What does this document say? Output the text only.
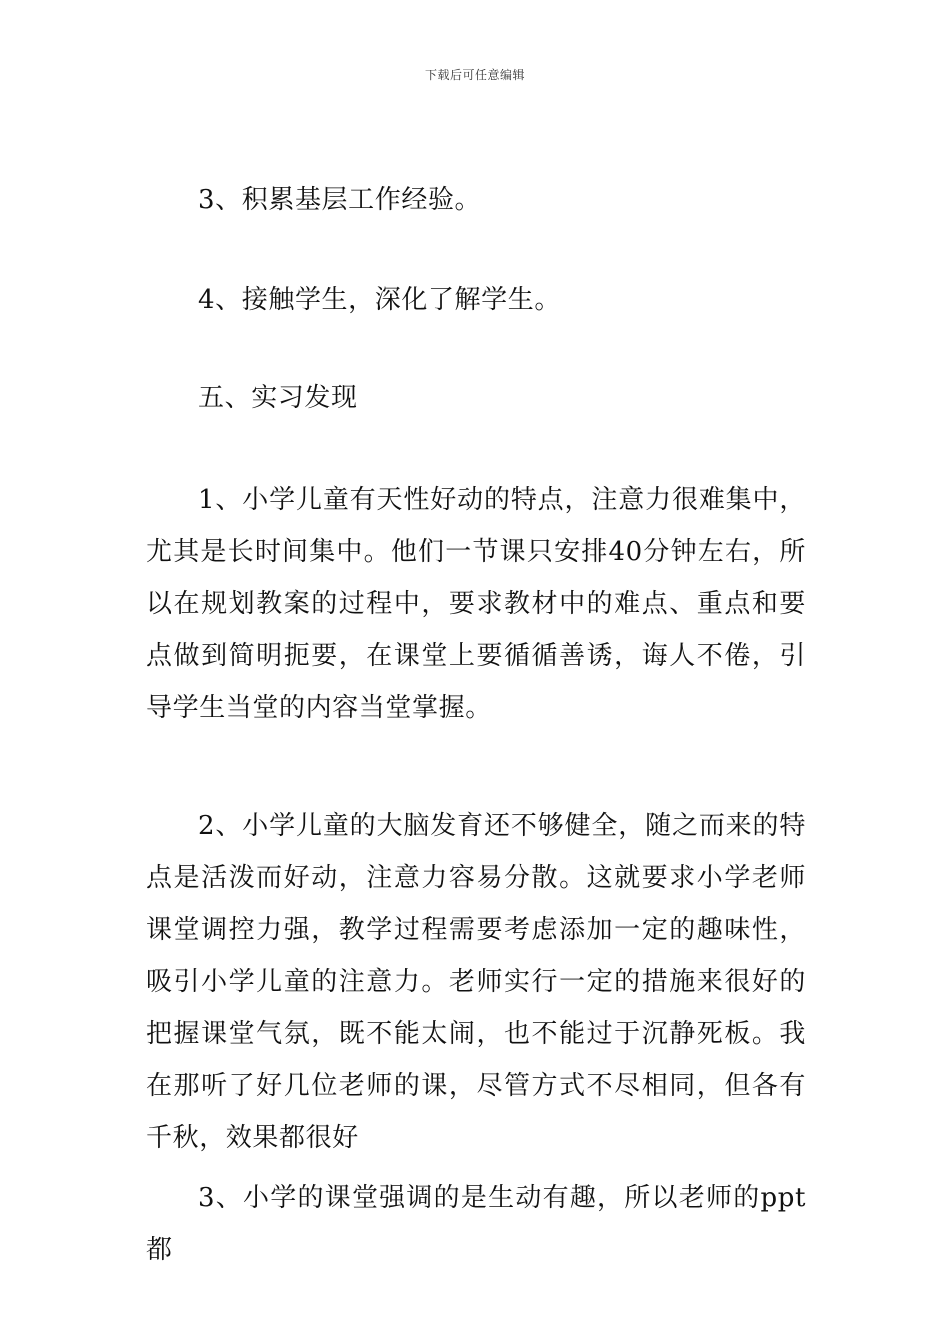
下载后可任意编辑

3、积累基层工作经验。

4、接触学生，深化了解学生。

五、实习发现

1、小学儿童有天性好动的特点，注意力很难集中，尤其是长时间集中。他们一节课只安排40分钟左右，所以在规划教案的过程中，要求教材中的难点、重点和要点做到简明扼要，在课堂上要循循善诱，诲人不倦，引导学生当堂的内容当堂掌握。

2、小学儿童的大脑发育还不够健全，随之而来的特点是活泼而好动，注意力容易分散。这就要求小学老师课堂调控力强，教学过程需要考虑添加一定的趣味性，吸引小学儿童的注意力。老师实行一定的措施来很好的把握课堂气氛，既不能太闹，也不能过于沉静死板。我在那听了好几位老师的课，尽管方式不尽相同，但各有千秋，效果都很好

3、小学的课堂强调的是生动有趣，所以老师的ppt都
